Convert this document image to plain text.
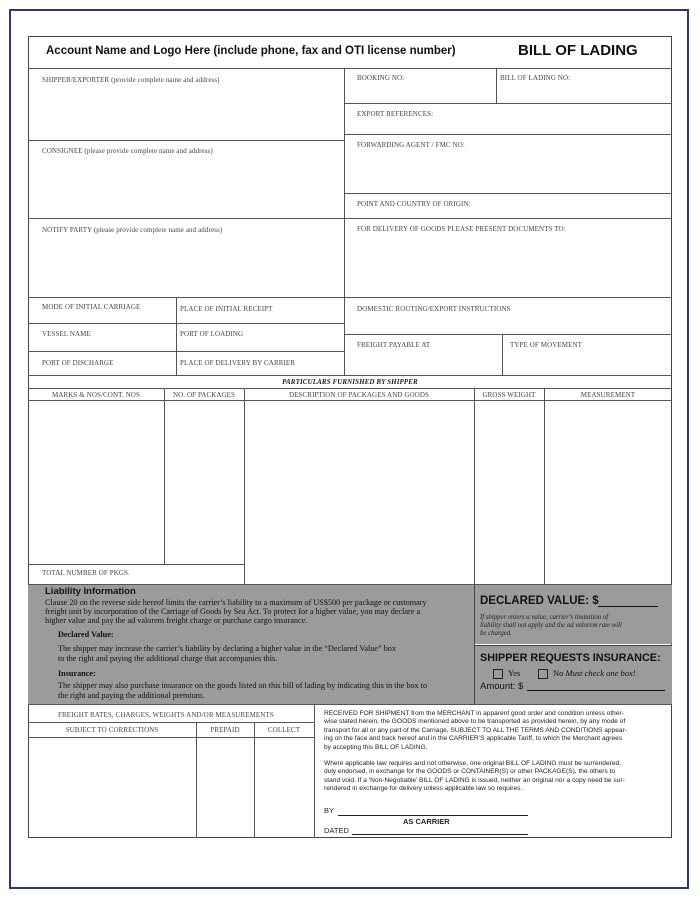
Account Name and Logo Here (include phone, fax and OTI license number)	BILL OF LADING
SHIPPER/EXPORTER (provide complete name and address)
CONSIGNEE (please provide complete name and address)
NOTIFY PARTY (please provide complete name and address)
MODE OF INITIAL CARRIAGE	PLACE OF INITIAL RECEIPT
VESSEL NAME	PORT OF LOADING
PORT OF DISCHARGE	PLACE OF DELIVERY BY CARRIER
BOOKING NO:	BILL OF LADING NO:
EXPORT REFERENCES:
FORWARDING AGENT / FMC NO:
POINT AND COUNTRY OF ORIGIN:
FOR DELIVERY OF GOODS PLEASE PRESENT DOCUMENTS TO:
DOMESTIC ROUTING/EXPORT INSTRUCTIONS
FREIGHT PAYABLE AT	TYPE OF MOVEMENT
PARTICULARS FURNISHED BY SHIPPER
MARKS & NOS/CONT. NOS	NO. OF PACKAGES	DESCRIPTION OF PACKAGES AND GOODS	GROSS WEIGHT	MEASUREMENT
TOTAL NUMBER OF PKGS.
Liability Information
Clause 20 on the reverse side hereof limits the carrier’s liability to a maximum of US$500 per package or customary
freight unit by incorporation of the Carriage of Goods by Sea Act. To protect for a higher value, you may declare a
higher value and pay the ad valorem freight charge or purchase cargo insurance.
Declared Value:
The shipper may increase the carrier’s liability by declaring a higher value in the “Declared Value” box
to the right and paying the additional charge that accompanies this.
Insurance:
The shipper may also purchase insurance on the goods listed on this bill of lading by indicating this in the box to
the right and paying the additional premium.
DECLARED VALUE: $
If shipper enters a value, carrier’s limitation of
liability shall not apply and the ad valorem rate will
be charged.
SHIPPER REQUESTS INSURANCE:
Yes	No Must check one box!
Amount: $
FREIGHT RATES, CHARGES, WEIGHTS AND/OR MEASUREMENTS
SUBJECT TO CORRECTIONS	PREPAID	COLLECT
RECEIVED FOR SHIPMENT from the MERCHANT in apparent good order and condition unless other-
wise stated herein, the GOODS mentioned above to be transported as provided herein, by any mode of
transport for all or any part of the Carriage, SUBJECT TO ALL THE TERMS AND CONDITIONS appear-
ing on the face and back hereof and in the CARRIER’S applicable Tariff, to which the Merchant agrees
by accepting this BILL OF LADING.
Where applicable law requires and not otherwise, one original BILL OF LADING must be surrendered,
duly endorsed, in exchange for the GOODS or CONTAINER(S) or other PACKAGE(S), the others to
stand void. If a ‘Non-Negotiable’ BILL OF LADING is issued, neither an original nor a copy need be sur-
rendered in exchange for delivery unless applicable law so requires.
BY
AS CARRIER
DATED
